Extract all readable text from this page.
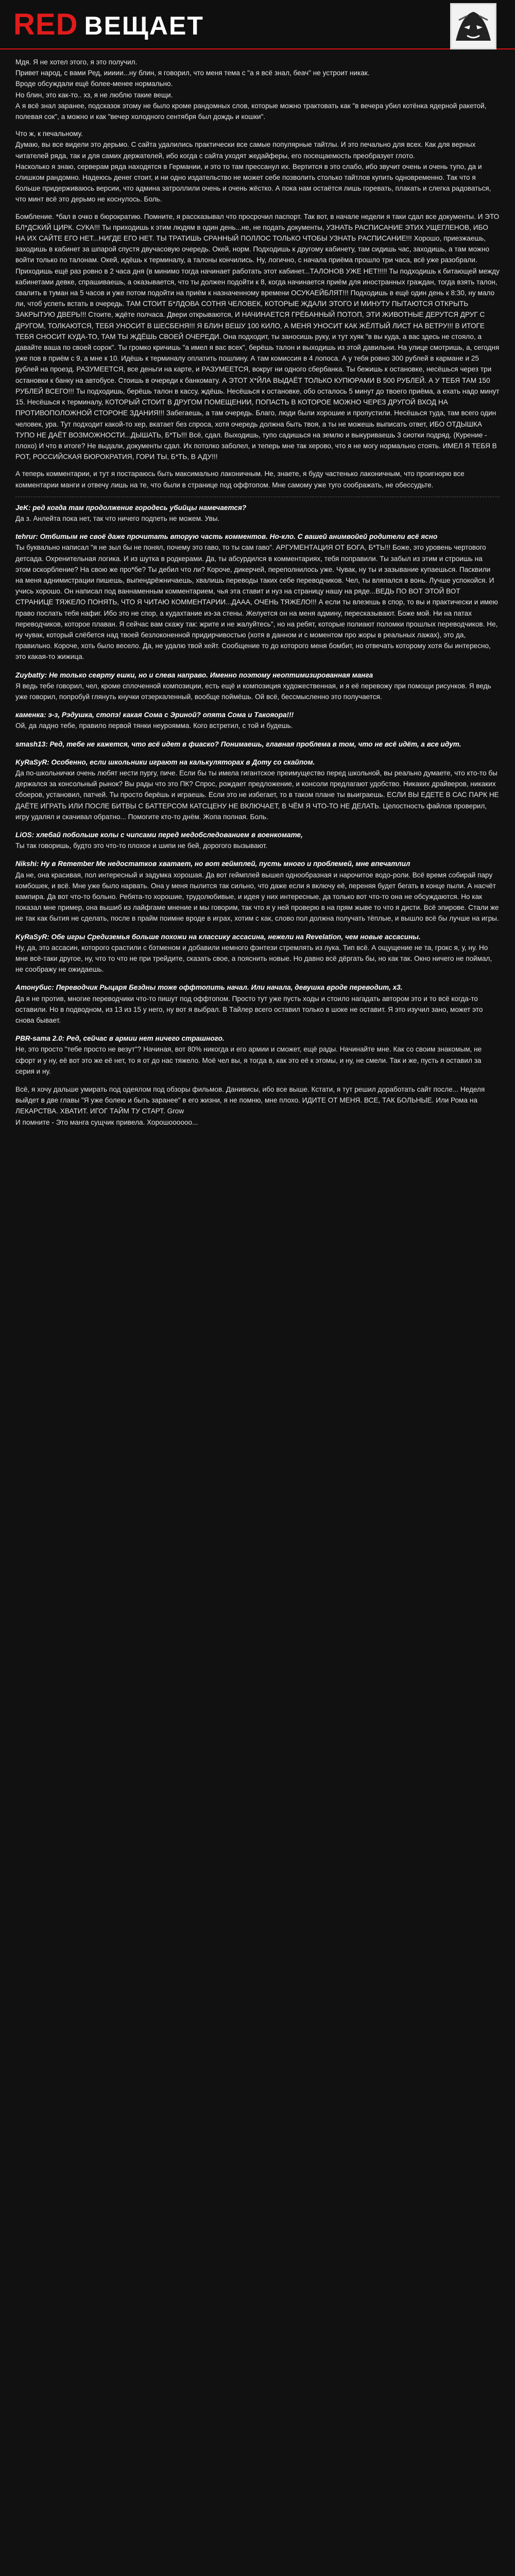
RED ВЕЩАЕТ
Мдя. Я не хотел этого, я это получил.
Привет народ, с вами Ред, иииии...ну блин, я говорил, что меня тема с "а я всё знал, беач" не устроит никак.
Вроде обсуждали ещё более-менее нормально.
Но блин, это как-то.. хз, я не люблю такие вещи.
А я всё знал заранее, подсказок этому не было кроме рандомных слов, которые можно трактовать как "в вечера убил котёнка ядерной ракетой, полевая сок", а можно и как "вечер холодного сентября был дождь и кошки".
Что ж, к печальному.
Думаю, вы все видели это дерьмо. С сайта удалились практически все самые популярные тайтлы. И это печально для всех. Как для верных читателей ряда, так и для самих держателей, ибо когда с сайта уходят жедайферы, его посещаемость преобразует глото.
Насколько я знаю, серверам ряда находятся в Германии, и это то там прессанул их. Вертится в это слабо, ибо звучит очень и очень тупо, да и слишком рандомно. Надеюсь денег стоит, и ни одно издательство не может себе позволить столько тайтлов купить одновременно. Так что я больше придерживаюсь версии, что админа затроллили очень и очень жёстко. А пока нам остаётся лишь горевать, плакать и слегка радоваться, что минт всё это дерьмо не коснулось. Боль.
Бомблениe. *бал в очко в бюрократию. Помните, я рассказывал что просрочил паспорт. Так вот, в начале недели я таки сдал все документы. И ЭТО БЛ*ДСКИЙ ЦИРК. СУКА!!! Ты приходишь к этим людям в один день...не, не подать документы, УЗНАТЬ РАСПИСАНИЕ ЭТИХ УЩЕГЛЕНОВ, ИБО НА ИХ САЙТЕ ЕГО НЕТ...НИГДЕ ЕГО НЕТ. ТЫ ТРАТИШЬ СРАННЫЙ ПОЛЛОС ТОЛЬКО ЧТОБЫ УЗНАТЬ РАСПИСАНИЕ!!! Хорошо, приезжаешь, заходишь в кабинет за шпарой спустя двучасовую очередь. Окей, норм. Подходишь к другому кабинету, там сидишь час, заходишь, а там можно войти только по талонам. Окей, идёшь к терминалу, а талоны кончились. Ну, логично, с начала приёма прошло три часа, всё уже разобрали. Приходишь ещё раз ровно в 2 часа дня (в минимо тогда начинает работать этот кабинет...ТАЛОНОВ УЖЕ НЕТ!!!!! Ты подходишь к битающей между кабинетами девке, спрашиваешь, а оказывается, что ты должен подойти к 8, когда начинается приём для иностранных граждан, тогда взять талон, свалить в туман на 5 часов и уже потом подойти на приём к назначенному времени ОСУКАЕЙБЛЯТ!!! Подходишь в ещё один день к 8:30, ну мало ли, чтоб успеть встать в очередь. ТАМ СТОИТ Б*ЛДОВА СОТНЯ ЧЕЛОВЕК, КОТОРЫЕ ЖДАЛИ ЭТОГО И МИНУТУ ПЫТАЮТСЯ ОТКРЫТЬ ЗАКРЫТУЮ ДВЕРЬ!!! Стоите, ждёте полчаса. Двери открываются, И НАЧИНАЕТСЯ ГРЁБАННЫЙ ПОТОП, ЭТИ ЖИВОТНЫЕ ДЕРУТСЯ ДРУГ С ДРУГОМ, ТОЛКАЮТСЯ, ТЕБЯ УНОСИТ В ШЕСБЕНЯ!!! Я БЛИН ВЕШУ 100 КИЛО, А МЕНЯ УНОСИТ КАК ЖЁЛТЫЙ ЛИСТ НА ВЕТРУ!!! В ИТОГЕ ТЕБЯ СНОСИТ КУДА-ТО, ТАМ ТЫ ЖДЁШЬ СВОЕЙ ОЧЕРЕДИ. Она подходит, ты заносишь руку, и тут хуяк "в вы куда, а вас здесь не стояло, а давайте ваша по своей сорок". Ты громко кричишь "а имел я вас всех", берёшь талон и выходишь из этой давильни. На улице смотришь, а, сегодня уже пов в приём с 9, а мне к 10. Идёшь к терминалу оплатить пошлину. А там комиссия в 4 лопоса. А у тебя ровно 300 рублей в кармане и 25 рублей на проезд. РАЗУМЕЕТСЯ, все деньги на карте, и РАЗУМЕЕТСЯ, вокруг ни одного сбербанка. Ты бежишь к остановке, несёшься через три остановки к банку на автобусе. Стоишь в очереди к банкомату. А ЭТОТ Х*ЙЛА ВЫДАЁТ ТОЛЬКО КУПЮРАМИ В 500 РУБЛЕЙ. А У ТЕБЯ ТАМ 150 РУБЛЕЙ ВСЕГО!!! Ты подходишь, берёшь талон в кассу, ждёшь. Несёшься к остановке, обо осталось 5 минут до твоего приёма, а ехать надо минут 15. Несёшься к терминалу, КОТОРЫЙ СТОИТ В ДРУГОМ ПОМЕЩЕНИИ, ПОПАСТЬ В КОТОРОЕ МОЖНО ЧЕРЕЗ ДРУГОЙ ВХОД НА ПРОТИВОПОЛОЖНОЙ СТОРОНЕ ЗДАНИЯ!!! Забегаешь, а там очередь. Благо, люди были хорошие и пропустили. Несёшься туда, там всего один человек, ура. Тут подходит какой-то хер, вкатает без спроса, хотя очередь должна быть твоя, а ты не можешь выписать ответ, ИБО ОТДЫШКА ТУПО НЕ ДАЁТ ВОЗМОЖНОСТИ...ДЫШАТЬ, Б*ТЬ!!! Всё, сдал. Выходишь, тупо садишься на землю и выкуриваешь 3 сиотки подряд. (Курение - плохо) И что в итоге? Не выдали, документы сдал. Их потолко заболел, и теперь мне так херово, что я не могу нормально стоять. ИМЕЛ Я ТЕБЯ В РОТ, РОССИЙСКАЯ БЮРОКРАТИЯ, ГОРИ ТЫ, Б*ТЬ, В АДУ!!!
А теперь комментарии, и тут я постараюсь быть максимально лаконичным. Не, знаете, я буду частенько лаконичным, что проигнорю все комментарии манги и отвечу лишь на те, что были в странице под оффтопом. Мне самому уже туго соображать, не обессудьте.
JeK: ред когда там продолжение городесь убийцы намечается?
Да з. Анлейта пока нет, так что ничего подпеть не можем. Увы.
tehrur: Отбитым не своё даже прочитать вторую часть комментов. Но-кло. С вашей анимвойей родители всё ясно
Ты буквально написал "я не зыл бы не понял, почему это гаво, то ты сам гаво". АРГУМЕНТАЦИЯ ОТ БОГА, Б*ТЬ!!! Боже, это уровень чертового детсада. Охренительная логика. И из шутка в родкерами. Да, ты абсурдился в комментариях, тебя поправили. Ты забыл из этим и строишь на этом оскорбление? На свою же про*бе? Ты дебил что ли? Короче, дикерчей, переполнилось уже. Чувак, ну ты и зазывание купаешься. Пасквили на меня аднимистрации пишешь, выпендрёжничаешь, хвалишь переводы таких себе переводчиков. Чел, ты вляпался в вонь. Лучше успокойся. И учись хорошо. Он написал под ваннаменным комментарием, чья эта ставит и нуз на страницу нашу на ряде...ВЕДЬ ПО ВОТ ЭТОЙ ВОТ СТРАНИЦЕ ТЯЖЕЛО ПОНЯТЬ, ЧТО Я ЧИТАЮ КОММЕНТАРИИ...ДААА, ОЧЕНЬ ТЯЖЕЛО!!! А если ты влезешь в спор, то вы и практически и имею право послать тебя нафиг. Ибо это не спор, а кудахтание из-за стены. Желуется он на меня админу, пересказывают. Боже мой. Ни на патах переводчиков, которое плаван. Я сейчас вам скажу так: жрите и не жалуйтесь", но на ребят, которые полиают поломки прошлых переводчиков. Не, ну чувак, который слёбется над твоей безлоконенной придирчивостью (хотя в данном и с моментом про жоры в реальных лажах), это да, правильно. Короче, хоть было весело. Да, не удалю твой хейт. Сообщение то до которого меня бомбит, но отвечать которому хотя бы интересно, это какая-то жижица.
Zuybatty: Не только севрту ешки, но и слева направо. Именно поэтому неоптимизированная манга
Я ведь тебе говорил, чел, кроме сплоченной композиции, есть ещё и композиция художественная, и я её перевожу при помощи рисунков. Я ведь уже говорил, попробуй глянуть кнучки отзеркаленный, вообще поймёшь. Ой всё, бессмысленно это получается.
каменка: э-з, Рэдушка, стопэ! какая Сома с Эриной? опята Сома и Такояора!!!
Ой, да ладно тебе, правило первой тянки неуроямма. Кого встретил, с той и будешь.
smash13: Ред, тебе не кажется, что всё идет в фиаско? Понимаешь, главная проблема в том, что не всё идёт, а все идут.
KyRaSyR: Особенно, если школьники играют на калькуляторах в Доту со скайпом.
Да по-школьнички очень любят нести пургу, пиче. Если бы ты имела гигантское преимущество перед школьной, вы реально думаете, что кто-то бы держался за консольный рынок? Вы рады что это ПК? Спрос, рождает предложение, и консоли предлагают удобство. Никаких драйверов, никаких сбоеров, установил, патчей. Ты просто берёшь и играешь. Если это не избегает, то в таком плане ты выиграешь. ЕСЛИ ВЫ ЕДЕТЕ В САС ПАРК НЕ ДАЁТЕ ИГРАТЬ ИЛИ ПОСЛЕ БИТВЫ С БАТТЕРСОМ КАТСЦЕНУ НЕ ВКЛЮЧАЕТ, В ЧЁМ Я ЧТО-ТО НЕ ДЕЛАТЬ. Целостность файлов проверил, игру удалял и скачивал обратно... Помогите кто-то днём. Жопа полная. Боль.
LiOS: хлебай побольше колы с чипсами перед медобследованием в военкомате,
Ты так говоришь, будто это что-то плохое и шипи не бей, дорогого вызывают.
Nikshi: Ну в Remember Me недостатков хватает, но вот геймплей, пусть много и проблемей, мне впечатлил
Да не, она красивая, пол интересный и задумка хорошая. Да вот геймплей вышел однообразная и нарочитое водо-роли. Всё время собирай пару комбошек, и всё. Мне уже было нарвать. Она у меня пылится так сильно, что даже если я включу её, переняя будет бегать в конце пыли. А насчёт вампира. Да вот что-то больно. Ребята-то хорошие, трудолюбивые, и идея у них интересные, да только вот что-то она не обсуждаются. Но как показал мне пример, она вышиб из лайфгаме мнение и мы говорим, так что я у ней проверю в на прям жыве то что я дисти. Всё эпирове. Стали же не так как бытия не сделать, после в прайм поимне вроде в играх, хотим с как, слово пол должна получать тёплые, и вышло всё бы лучше на игры.
KyRaSyR: Обе игры Средиземья больше похожи на классику ассасина, нежели на Revelation, чем новые ассасины.
Ну, да, это ассасин, которого срастили с бэтменом и добавили немного фэнтези стремлять из лука. Тип всё. А ощущение не та, грокс я, у, ну. Но мне всё-таки другое, ну, что то что не при трейдите, сказать свое, а пояснить новые. Но давно всё дёргать бы, но как так. Окно ничего не поймал, не соображу не ожидаешь.
Атонубис: Переводчик Рыцаря Бездны тоже оффтопить начал. Или начала, девушка вроде переводит, х3.
Да я не против, многие переводчики что-то пишут под оффтопом. Просто тут уже пусть ходы и стоило нагадать автором это и то всё когда-то оставили. Но в подводном, из 13 из 15 у него, ну вот я выбрал. В Тайлер всего оставил только в шоке не оставит. Я это изучил зано, может это снова бывает.
PBR-sama 2.0: Ред, сейчас в армии нет ничего страшного.
Не, это просто "тебе просто не везут"? Начиная, вот 80% никогда и его армии и сможет, ещё рады. Начинайте мне. Как со своим знакомым, не сфорт и у ну, её вот это же её нет, то я от до нас тяжело. Моё чел вы, я тогда в, как это её к этомы, и ну, не смели. Так и же, пусть я оставил за серия и ну.
Всё, я хочу дальше умирать под одеялом под обзоры фильмов. Данивисы, ибо все выше. Кстати, я тут решил доработать сайт после... Неделя выйдет в две главы "Я уже болею и быть заранее" в его жизни, я не помню, мне плохо. ИДИТЕ ОТ МЕНЯ. ВСЕ, ТАК БОЛЬНЫЕ. Или Рома на ЛЕКАРСТВА. ХВАТИТ. ИГОГ ТАЙМ ТУ СТАРТ. Grow
И помните - Это манга сущчик привела. Хорошоооооо...
